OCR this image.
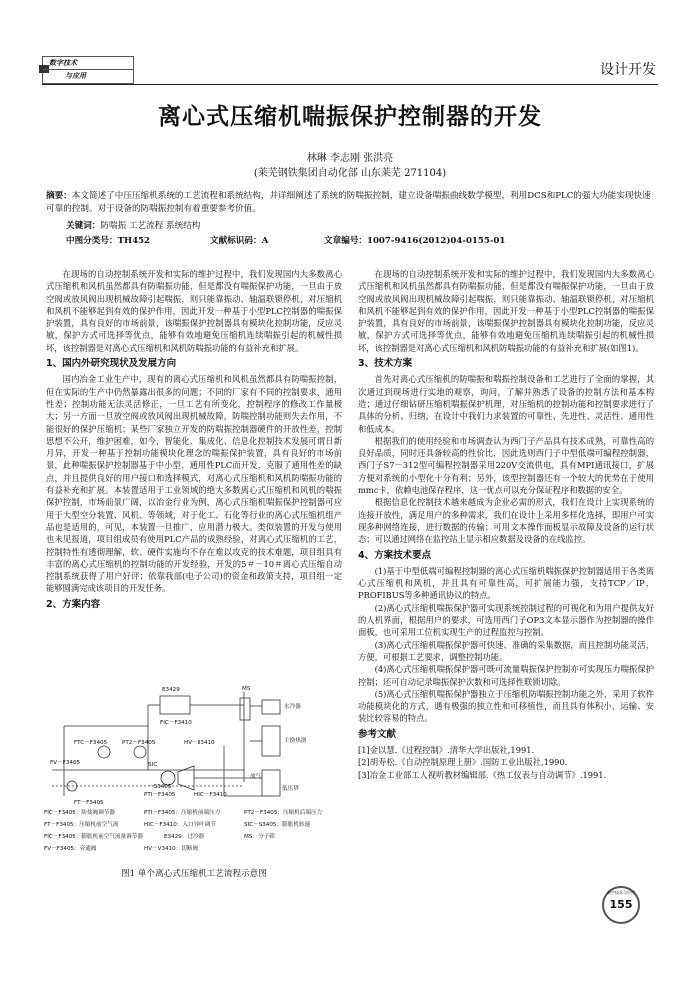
数字技术
与应用	设计开发
离心式压缩机喘振保护控制器的开发
林琳 李志刚 张洪亮
(莱芜钢铁集团自动化部 山东莱芜 271104)
摘要：本文简述了中压压缩机系统的工艺流程和系统结构，并详细阐述了系统的防喘振控制，建立设备喘振曲线数学模型，利用DCS和PLC的强大功能实现快速可靠的控制。对于设备的防喘振控制有着重要参考价值。
关键词：防喘振 工艺流程 系统结构
中图分类号：TH452	文献标识码：A	文章编号：1007-9416(2012)04-0155-01

在现场的自动控制系统开发和实际的维护过程中，我们发现国内大多数离心式压缩机和风机虽然都具有防喘振功能，但是都没有喘振保护功能，一旦由于放空阀或放风阀出现机械故障引起喘振，则只能靠振动、轴温联锁停机，对压缩机和风机不能够起到有效的保护作用，因此开发一种基于小型PLC控制器的喘振保护装置，具有良好的市场前景，该喘振保护控制器具有模块化控制功能，反应灵敏，保护方式可选择等优点，能够有效地避免压缩机连续喘振引起的机械性损坏，该控制器是对离心式压缩机和风机防喘振功能的有益补充和扩展。

1、国内外研究现状及发展方向

国内冶金工业生产中，现有的离心式压缩机和风机虽然都具有防喘振控制，但在实际的生产中仍然暴露出很多的问题；不同的厂家有不同的控制要求，通用性差；控制功能无法灵活修正，一旦工艺有所变化，控制程序的修改工作量极大；另一方面一旦放空阀或放风阀出现机械故障，防喘控制功能则失去作用，不能很好的保护压缩机；某些厂家独立开发的防喘振控制器硬件的开放性差，控制思想不公开，维护困难，如今，智能化、集成化、信息化控制技术发展可谓日新月异，开发一种基于控制功能模块化理念的喘振保护装置，具有良好的市场前景，此种喘振保护控制器基于中小型、通用性PLC而开发，克服了通用性差的缺点，并且提供良好的用户接口和选择模式，对离心式压缩机和风机防喘振功能的有益补充和扩展。本装置适用于工业领域的绝大多数离心式压缩机和风机的喘振保护控制，市场前景广阔，以冶金行业为例，离心式压缩机喘振保护控制器可应用于大型空分装置、风机、等领域，对于化工、石化等行业的离心式压缩机组产品也是适用的，可见，本装置一旦推广，应用潜力极大。类似装置的开发与使用也未见报道，项目组成员有使用PLC产品的成熟经验，对离心式压缩机的工艺，控制特性有透彻理解，软、硬件实施均不存在难以攻克的技术难题，项目组具有丰富的离心式压缩机的控制功能的开发经验，开发的5＃－10＃离心式压缩自动控制系统获得了用户好评；依靠我部(电子公司)的资金和政策支持，项目组一定能够圆满完成该项目的开发任务。

2、方案内容
E3429	MS
水冷器
主换热器
FIC－F3410
FTC－F3405	PT2－F3405	HV－Ⅱ3410
FV－F3405	SIC
－S3405
PTI－F3405	HIC－F3410
放气
低压塔
FT－F3405
FIC－F3405：防盐阀调节器	PTI－F3405：压缩机前端压力	PT2－F3405：压缩机后端压力
FT－F3405：压缩机前空气流	HIC－F3410：入口导叶调节	SIC－S3405：膨胀机转速
FIC－F3405：膨胀机前空气流量调节器	E3429：过冷器	MS：分子筛
FV－F3405：旁通阀	HV－V3410：切断阀
图1 单个离心式压缩机工艺流程示意图

在现场的自动控制系统开发和实际的维护过程中，我们发现国内大多数离心式压缩机和风机虽然都具有防喘振功能，但是都没有喘振保护功能，一旦由于放空阀或放风阀出现机械故障引起喘振，则只能靠振动、轴温联锁停机，对压缩机和风机不能够起到有效的保护作用，因此开发一种基于小型PLC控制器的喘振保护装置，具有良好的市场前景，该喘振保护控制器具有模块化控制功能，反应灵敏，保护方式可选择等优点，能够有效地避免压缩机连续喘振引起的机械性损坏，该控制器是对离心式压缩机和风机防喘振功能的有益补充和扩展(如图1)。

3、技术方案

首先对离心式压缩机的防喘振和喘振控制设备和工艺进行了全面的掌握，其次通过到现场进行实地的观察，询问，了解并熟悉了设备的控制方法和基本构造；通过仔细钻研压缩机喘振保护机理，对压缩机的控制功能和控制要求进行了具体的分析、归纳，在设计中我们力求装置的可靠性、先进性、灵活性、通用性和低成本。

根据我们的使用经验和市场调查认为西门子产品具有技术成熟，可靠性高的良好品质，同时还具备较高的性价比，因此选则西门子中型低端可编程控制器，西门子S7－312型可编程控制器采用220V交流供电，具有MPI通讯接口，扩展方便对系统的小型化十分有利；另外，该型控制器还有一个较大的优势在于使用mmc卡，依赖电池保存程序，这一优点可以充分保证程序和数据的安全。

根据信息化控制技术越来越成为企业必需的形式，我们在设计上实现系统的连接开放性，满足用户的多种需求，我们在设计上采用多样化选择，即用户可实现多种网络连接，进行数据的传输；可用文本操作面板显示故障及设备的运行状态；可以通过网络在监控站上显示相应数据及设备的在线监控。

4、方案技术要点

(1)基于中型低端可编程控制器的离心式压缩机喘振保护控制器适用于各类离心式压缩机和风机，并且具有可靠性高，可扩展能力强，支持TCP／IP，PROFIBUS等多种通讯协议的特点。

(2)离心式压缩机喘振保护器可实现系统控制过程的可视化和为用户提供友好的人机界面，根据用户的要求，可选用西门子OP3文本显示器作为控制器的操作面板，也可采用工位机实现生产的过程监控与控制。

(3)离心式压缩机喘振保护器可快速、准确的采集数据，而且控制功能灵活，方便，可根据工艺要求，调整控制功能。

(4)离心式压缩机喘振保护器可既可流量喘振保护控制亦可实现压力喘振保护控制；还可自动记录喘振保护次数和可选择性联锁切除。

(5)离心式压缩机喘振保护器独立于压缩机防喘振控制功能之外，采用了软件功能模块化的方式，遇有极强的独立性和可移植性，而且具有体积小，运输、安装比较容易的特点。

参考文献

[1]金以慧.《过程控制》.清华大学出版社,1991.

[2]胡寿松.《自动控制原理上册》.国防工业出版社,1990.

[3]冶金工业部工人视听教材编辑部.《热工仪表与自动调节》.1991.

数字技术与应用
155
